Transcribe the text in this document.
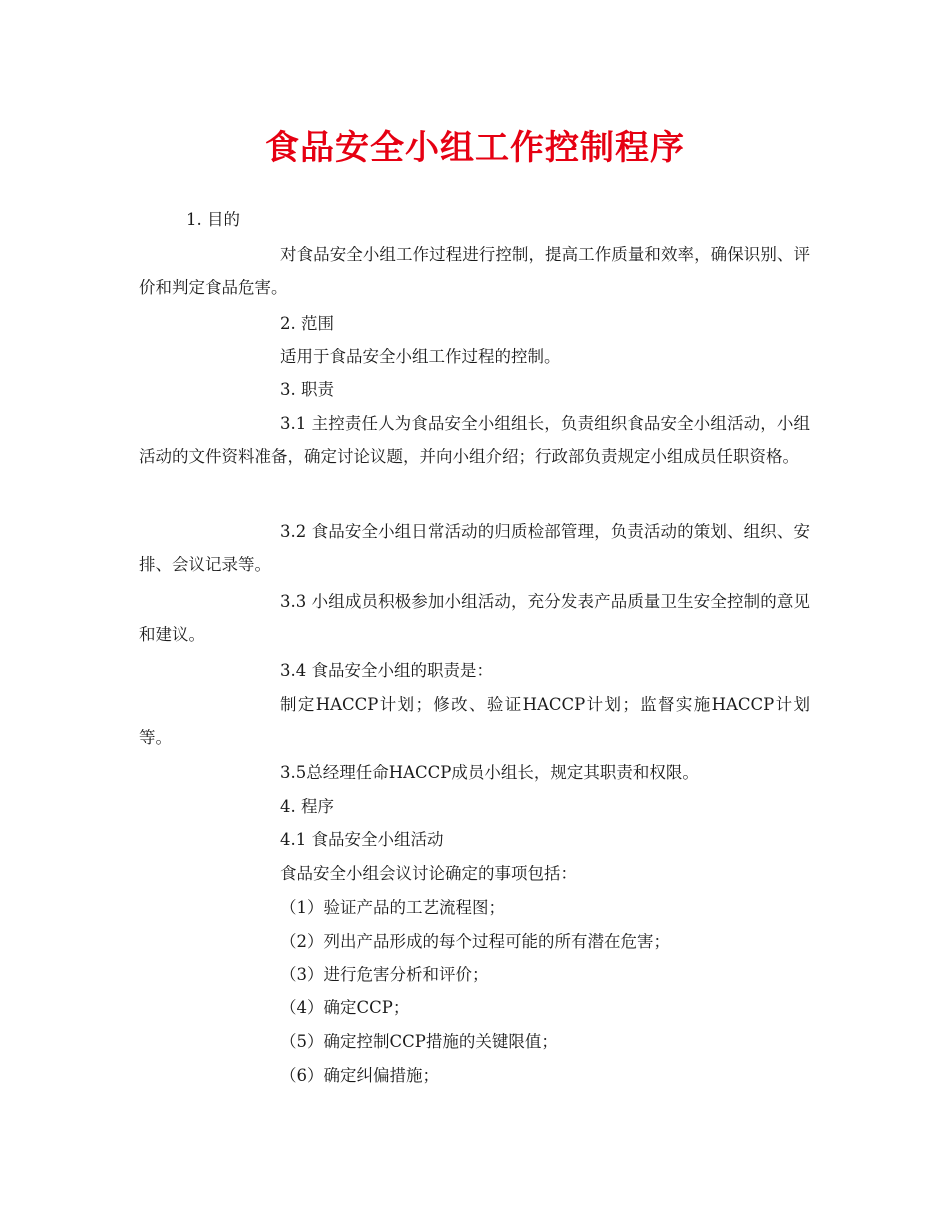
食品安全小组工作控制程序
1. 目的
对食品安全小组工作过程进行控制，提高工作质量和效率，确保识别、评价和判定食品危害。
2. 范围
适用于食品安全小组工作过程的控制。
3. 职责
3.1 主控责任人为食品安全小组组长，负责组织食品安全小组活动，小组活动的文件资料准备，确定讨论议题，并向小组介绍；行政部负责规定小组成员任职资格。
3.2 食品安全小组日常活动的归质检部管理，负责活动的策划、组织、安排、会议记录等。
3.3 小组成员积极参加小组活动，充分发表产品质量卫生安全控制的意见和建议。
3.4 食品安全小组的职责是：
制定HACCP计划；修改、验证HACCP计划；监督实施HACCP计划等。
3.5总经理任命HACCP成员小组长，规定其职责和权限。
4. 程序
4.1 食品安全小组活动
食品安全小组会议讨论确定的事项包括：
（1）验证产品的工艺流程图；
（2）列出产品形成的每个过程可能的所有潜在危害；
（3）进行危害分析和评价；
（4）确定CCP；
（5）确定控制CCP措施的关键限值；
（6）确定纠偏措施；
